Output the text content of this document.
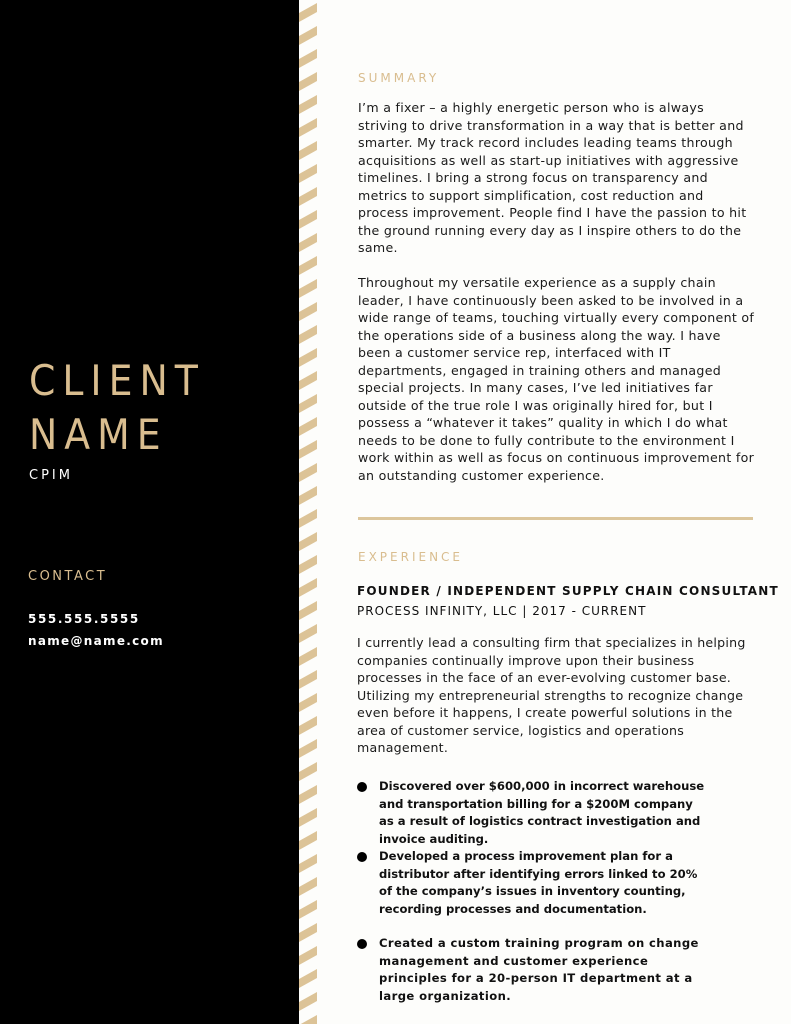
CLIENT
NAME
CPIM
CONTACT
555.555.5555
name@name.com
SUMMARY

I’m a fixer – a highly energetic person who is always striving to drive transformation in a way that is better and smarter. My track record includes leading teams through acquisitions as well as start-up initiatives with aggressive timelines. I bring a strong focus on transparency and metrics to support simplification, cost reduction and process improvement. People find I have the passion to hit the ground running every day as I inspire others to do the same.

Throughout my versatile experience as a supply chain leader, I have continuously been asked to be involved in a wide range of teams, touching virtually every component of the operations side of a business along the way. I have been a customer service rep, interfaced with IT departments, engaged in training others and managed special projects. In many cases, I’ve led initiatives far outside of the true role I was originally hired for, but I possess a “whatever it takes” quality in which I do what needs to be done to fully contribute to the environment I work within as well as focus on continuous improvement for an outstanding customer experience.

EXPERIENCE
FOUNDER / INDEPENDENT SUPPLY CHAIN CONSULTANT
PROCESS INFINITY, LLC | 2017 - CURRENT

I currently lead a consulting firm that specializes in helping companies continually improve upon their business processes in the face of an ever-evolving customer base. Utilizing my entrepreneurial strengths to recognize change even before it happens, I create powerful solutions in the area of customer service, logistics and operations management.

Discovered over $600,000 in incorrect warehouse and transportation billing for a $200M company as a result of logistics contract investigation and invoice auditing.

Developed a process improvement plan for a distributor after identifying errors linked to 20% of the company’s issues in inventory counting, recording processes and documentation.

Created a custom training program on change management and customer experience principles for a 20-person IT department at a large organization.
